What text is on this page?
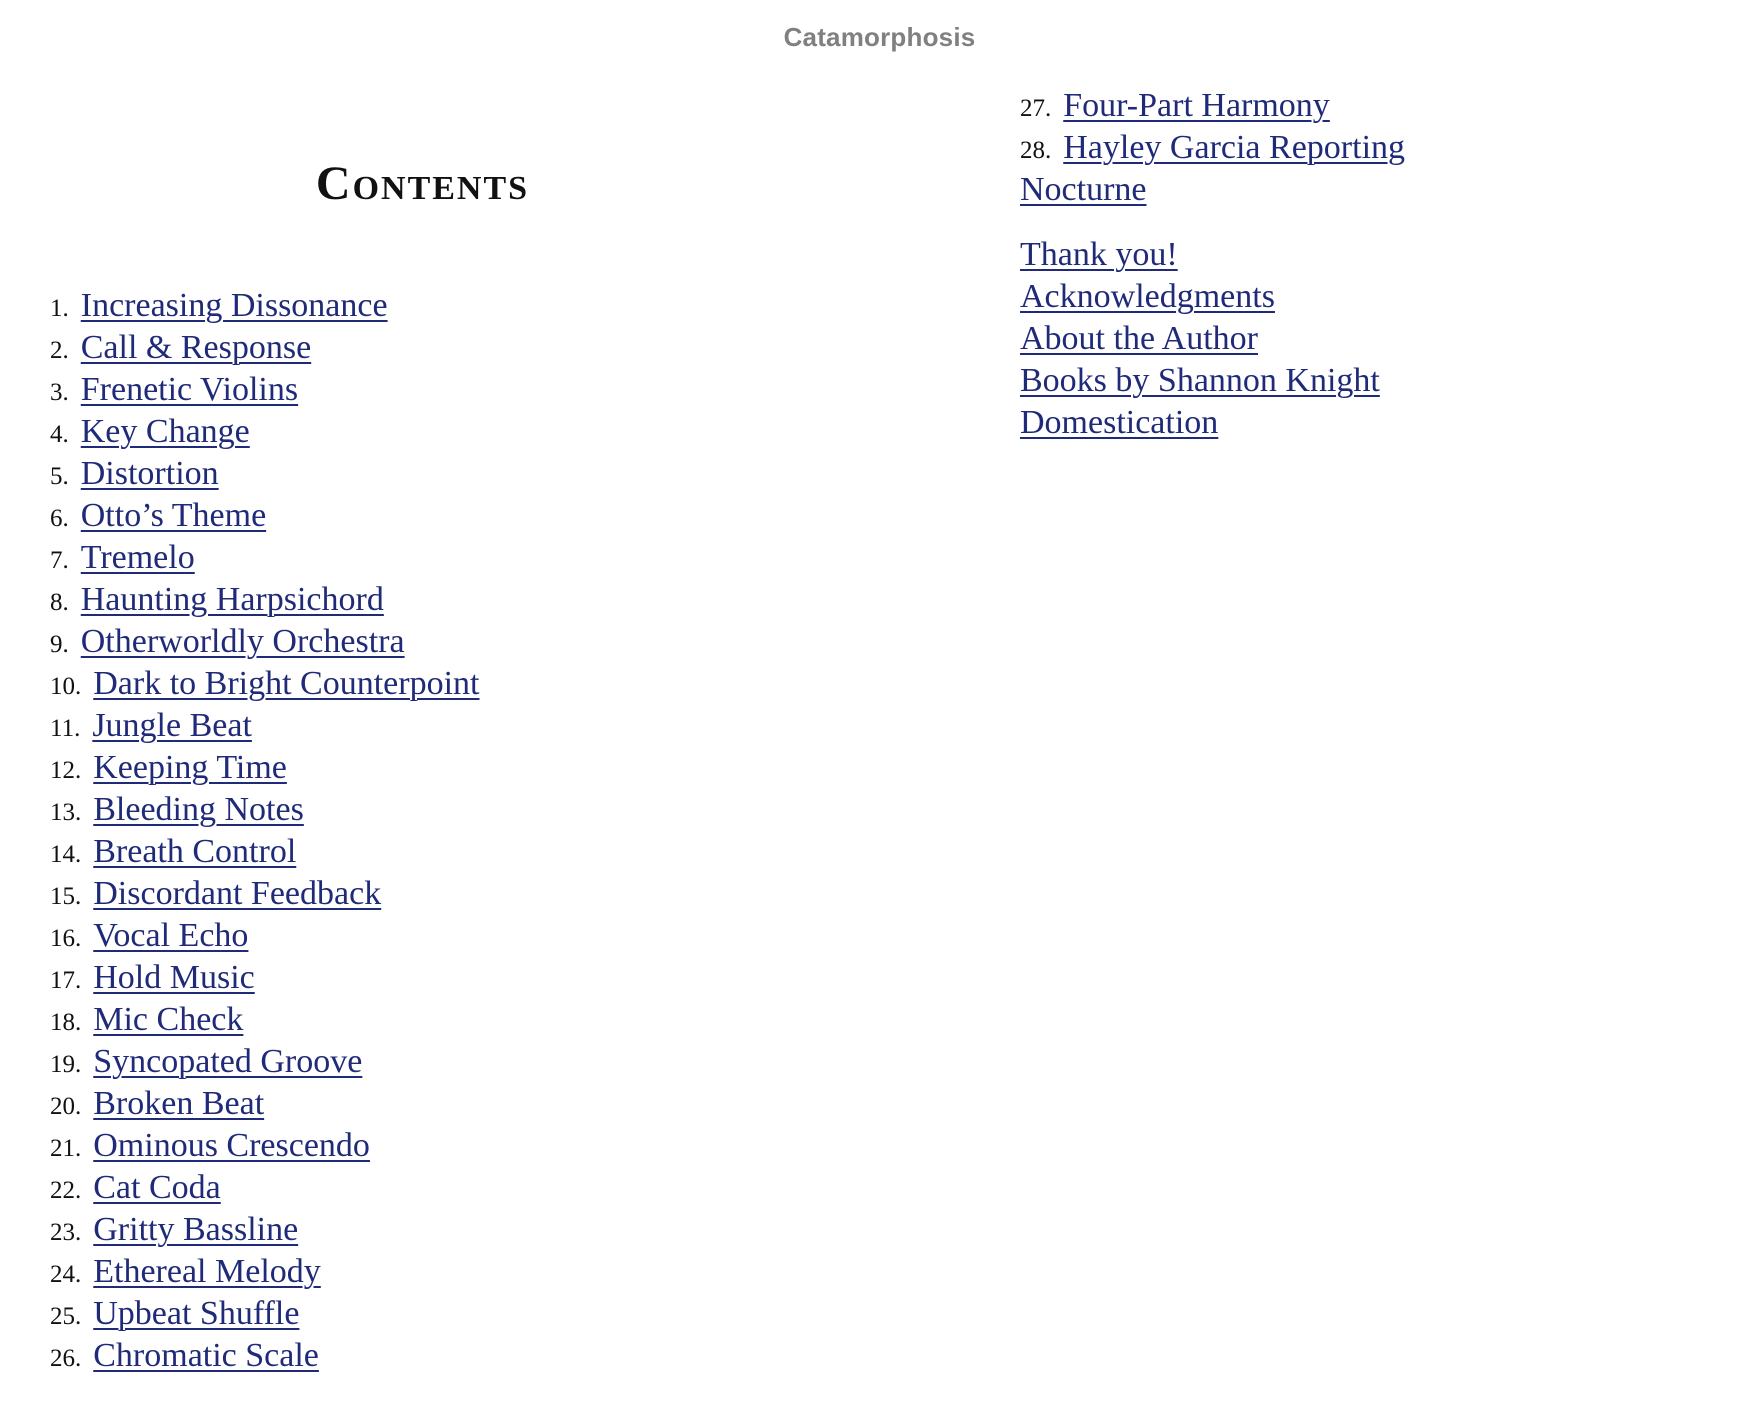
Catamorphosis
Contents
1. Increasing Dissonance
2. Call & Response
3. Frenetic Violins
4. Key Change
5. Distortion
6. Otto’s Theme
7. Tremelo
8. Haunting Harpsichord
9. Otherworldly Orchestra
10. Dark to Bright Counterpoint
11. Jungle Beat
12. Keeping Time
13. Bleeding Notes
14. Breath Control
15. Discordant Feedback
16. Vocal Echo
17. Hold Music
18. Mic Check
19. Syncopated Groove
20. Broken Beat
21. Ominous Crescendo
22. Cat Coda
23. Gritty Bassline
24. Ethereal Melody
25. Upbeat Shuffle
26. Chromatic Scale
27. Four-Part Harmony
28. Hayley Garcia Reporting
Nocturne
Thank you!
Acknowledgments
About the Author
Books by Shannon Knight
Domestication
